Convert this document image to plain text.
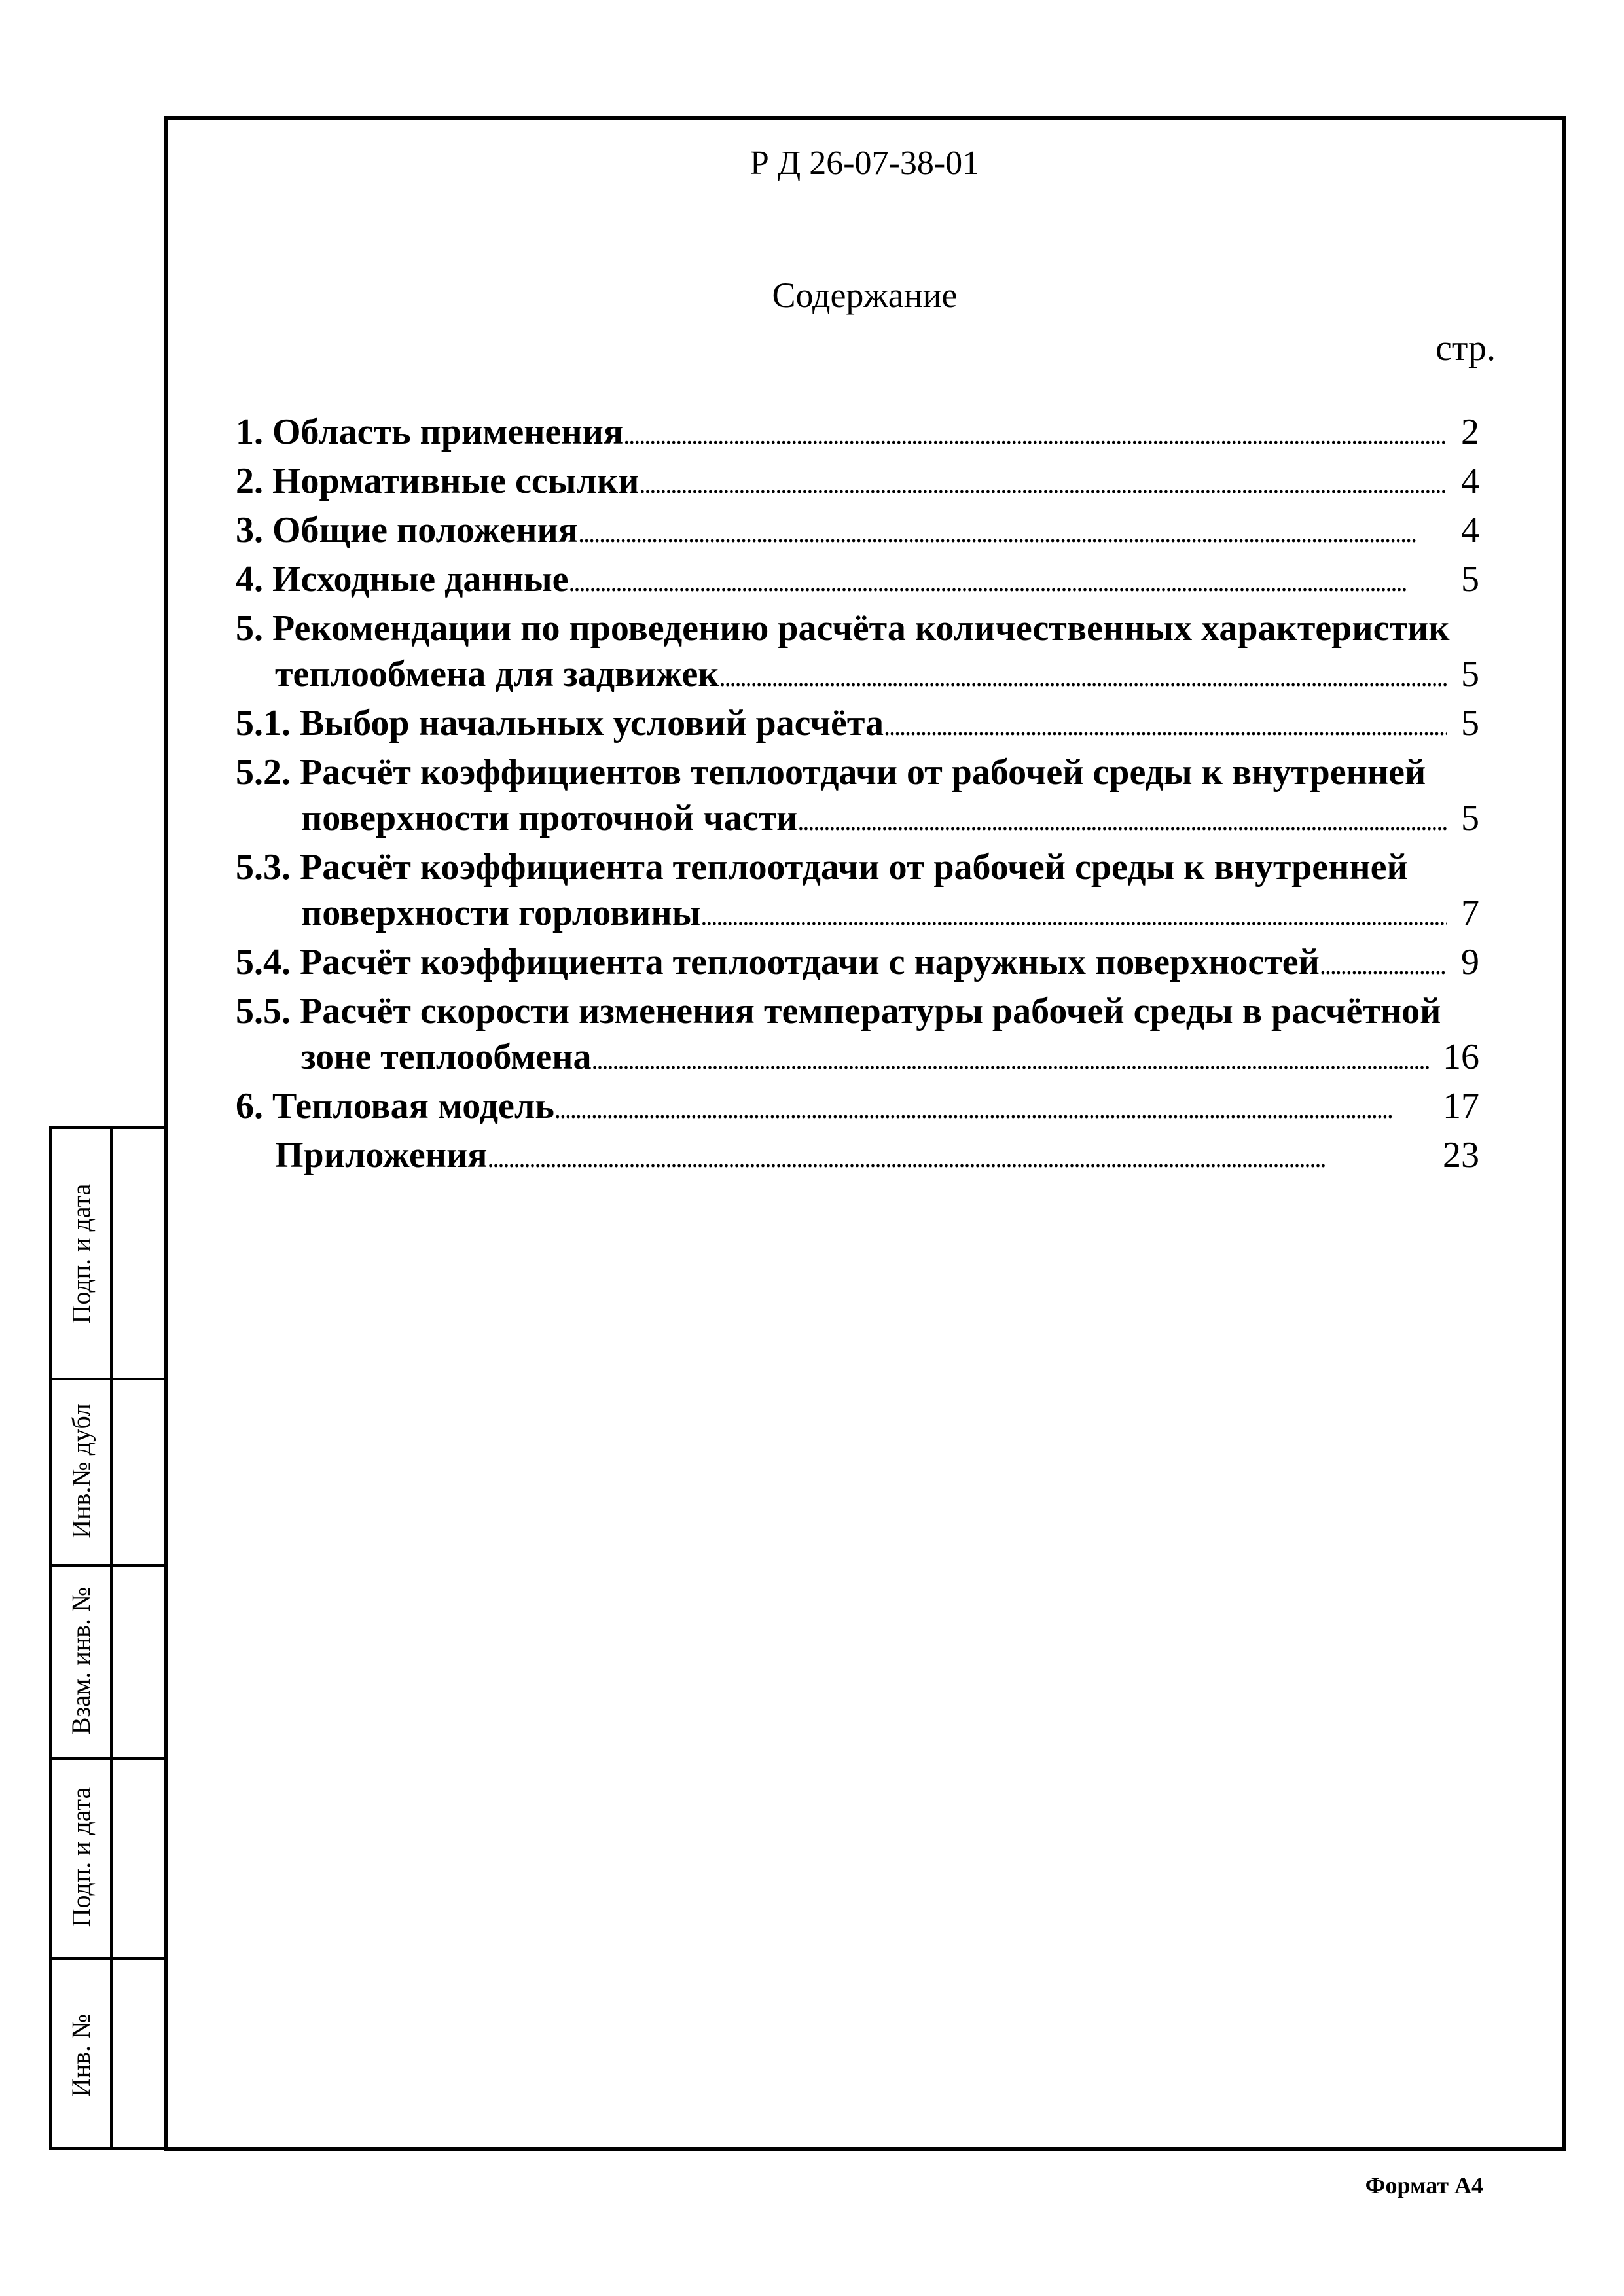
Р Д 26-07-38-01
Содержание
стр.
1. Область применения . . .	2
2. Нормативные ссылки . . .	4
3. Общие положения . . .	4
4. Исходные данные . . .	5
5. Рекомендации по проведению расчёта количественных характеристик
теплообмена для задвижек . . .	5
5.1. Выбор начальных условий расчёта . . .	5
5.2. Расчёт коэффициентов теплоотдачи от рабочей среды к внутренней
поверхности проточной части . . .	5
5.3. Расчёт коэффициента теплоотдачи от рабочей среды к внутренней
поверхности горловины . . .	7
5.4. Расчёт коэффициента теплоотдачи с наружных поверхностей . . .	9
5.5. Расчёт скорости изменения температуры рабочей среды в расчётной
зоне теплообмена . . .	16
6. Тепловая модель . . .	17
Приложения . . .	23
Подп. и дата
Инв.№ дубл
Взам. инв. №
Подп. и дата
Инв. №
Формат А4
